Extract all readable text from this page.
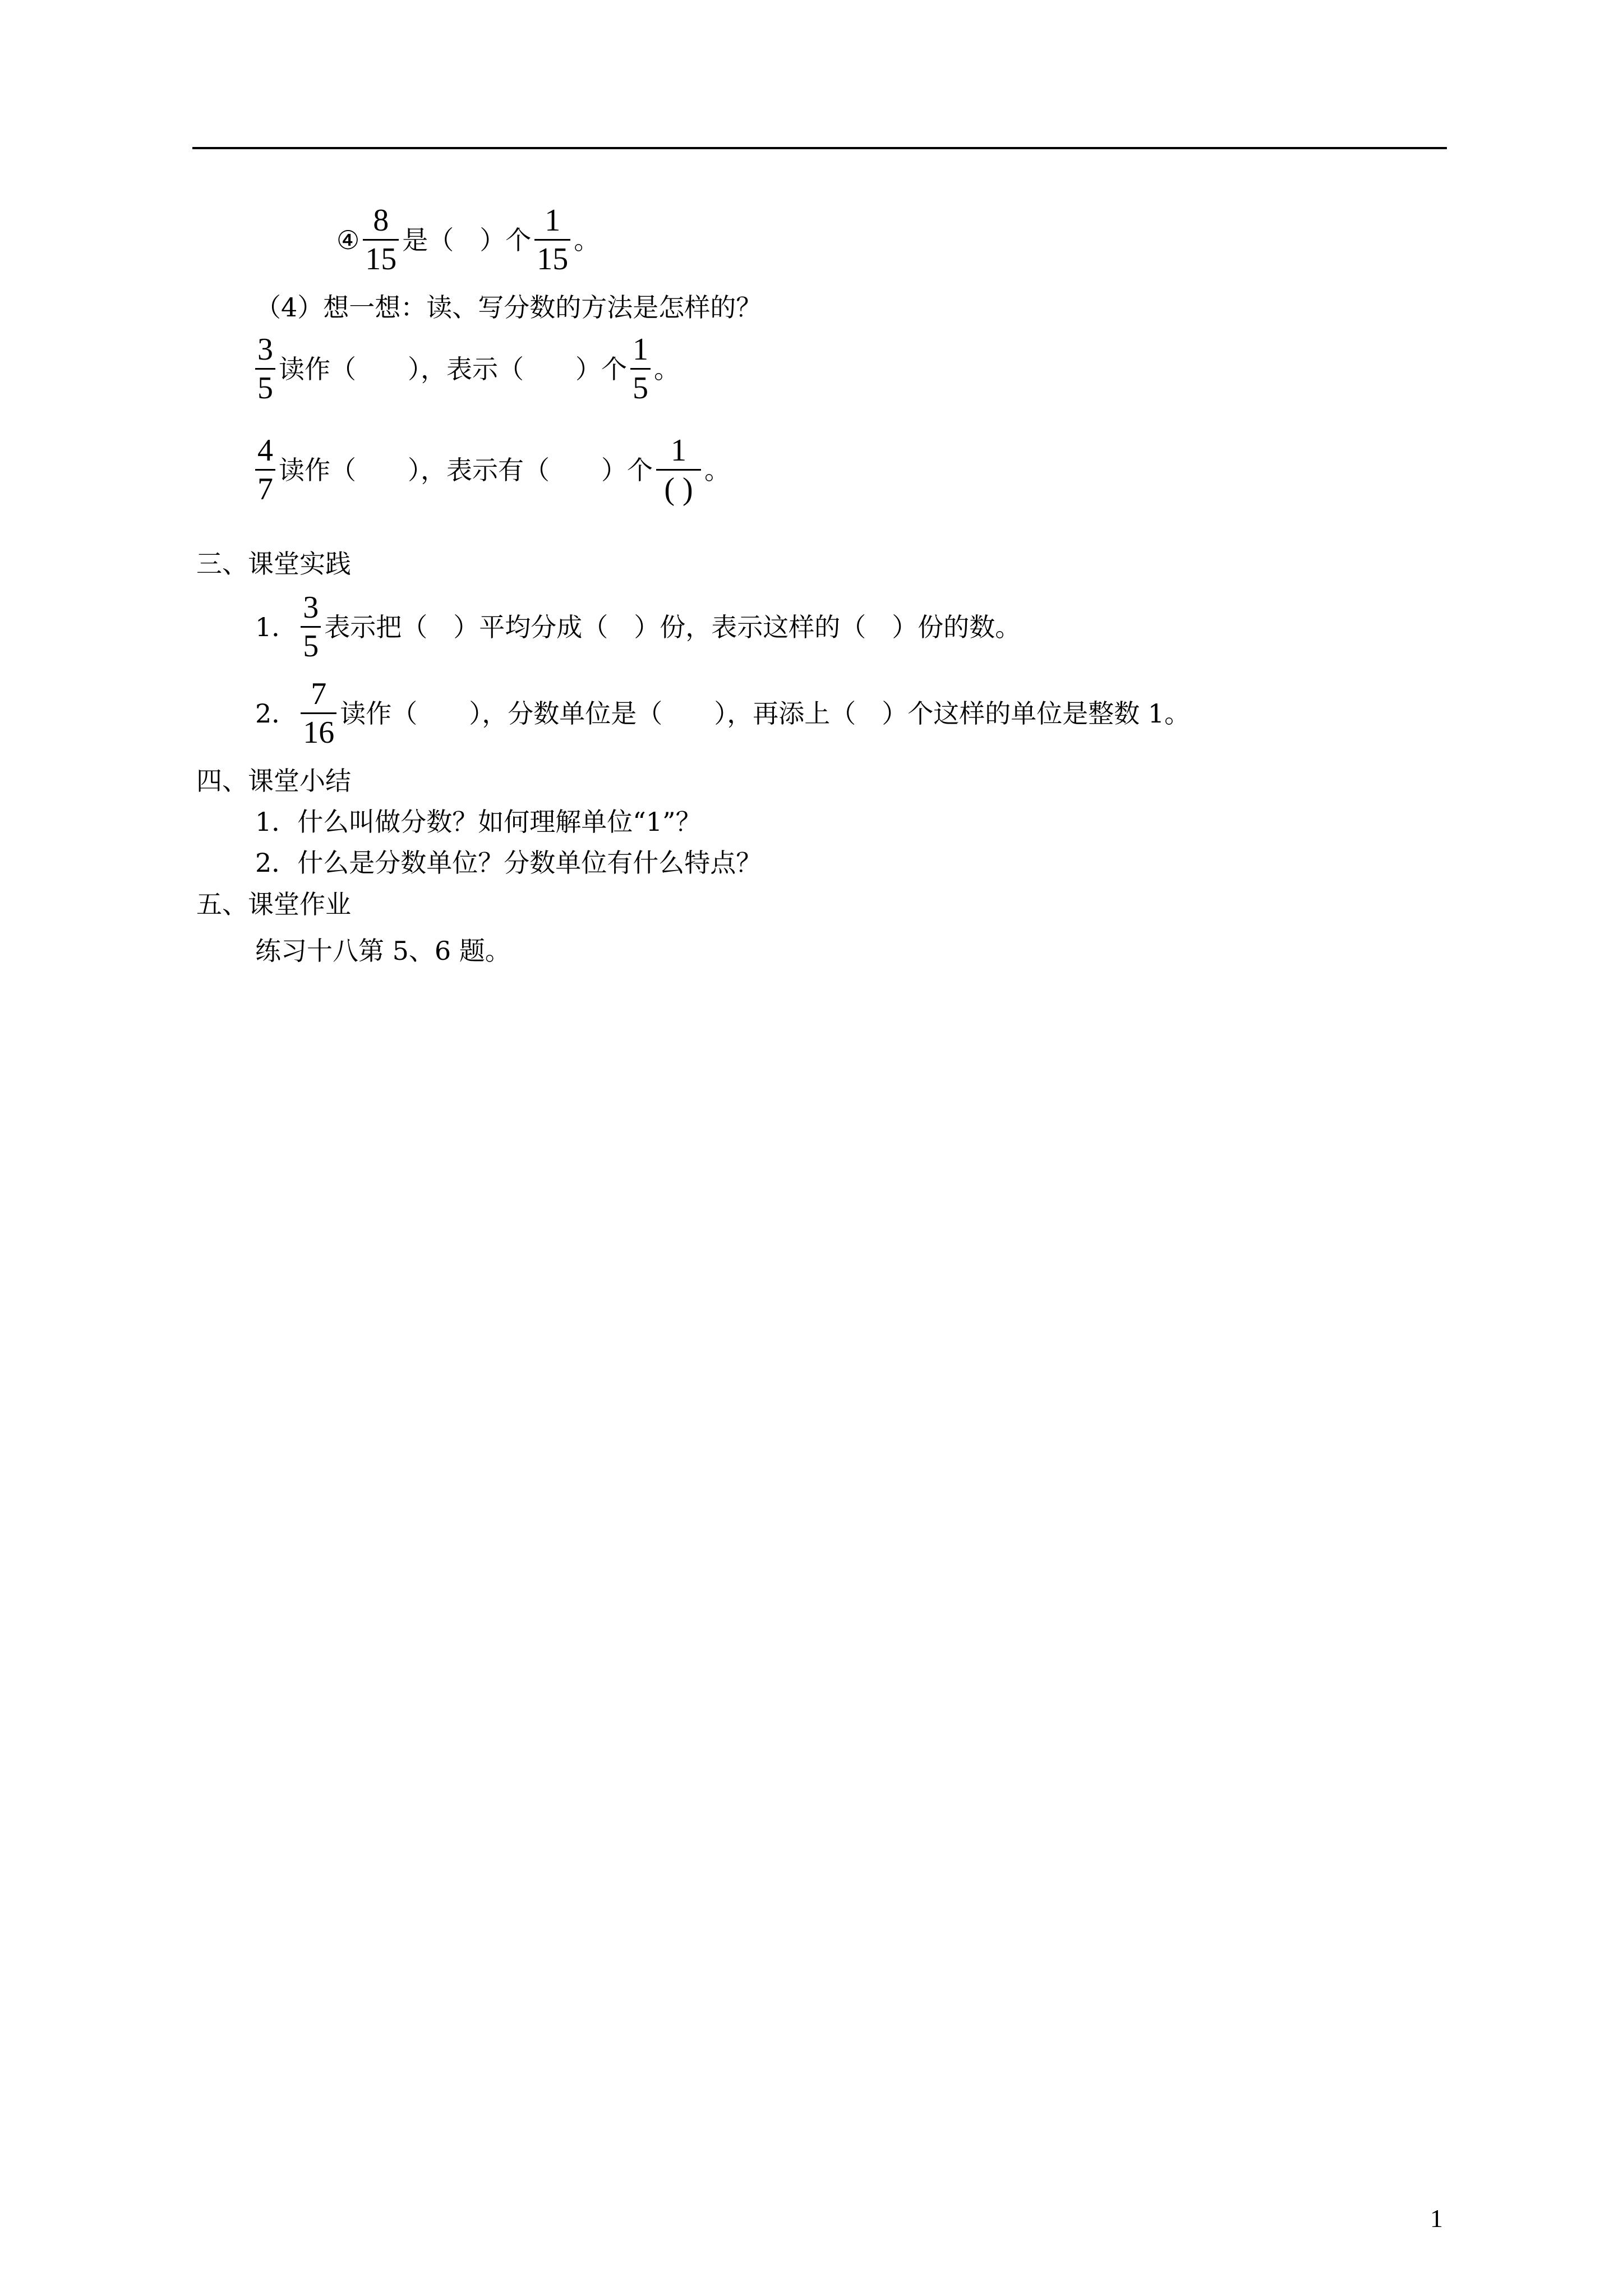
④ $\frac{8}{15}$ 是（　）个 $\frac{1}{15}$ 。
（4）想一想：读、写分数的方法是怎样的？
$\frac{3}{5}$ 读作（　　），表示（　　）个 $\frac{1}{5}$ 。
$\frac{4}{7}$ 读作（　　），表示有（　　）个 $\frac{1}{( )}$ 。
三、课堂实践
1． $\frac{3}{5}$ 表示把（　）平均分成（　）份，表示这样的（　）份的数。
2． $\frac{7}{16}$ 读作（　　），分数单位是（　　），再添上（　）个这样的单位是整数 1。
四、课堂小结
1．什么叫做分数？如何理解单位“1”？
2．什么是分数单位？分数单位有什么特点？
五、课堂作业
练习十八第 5、6 题。
1
